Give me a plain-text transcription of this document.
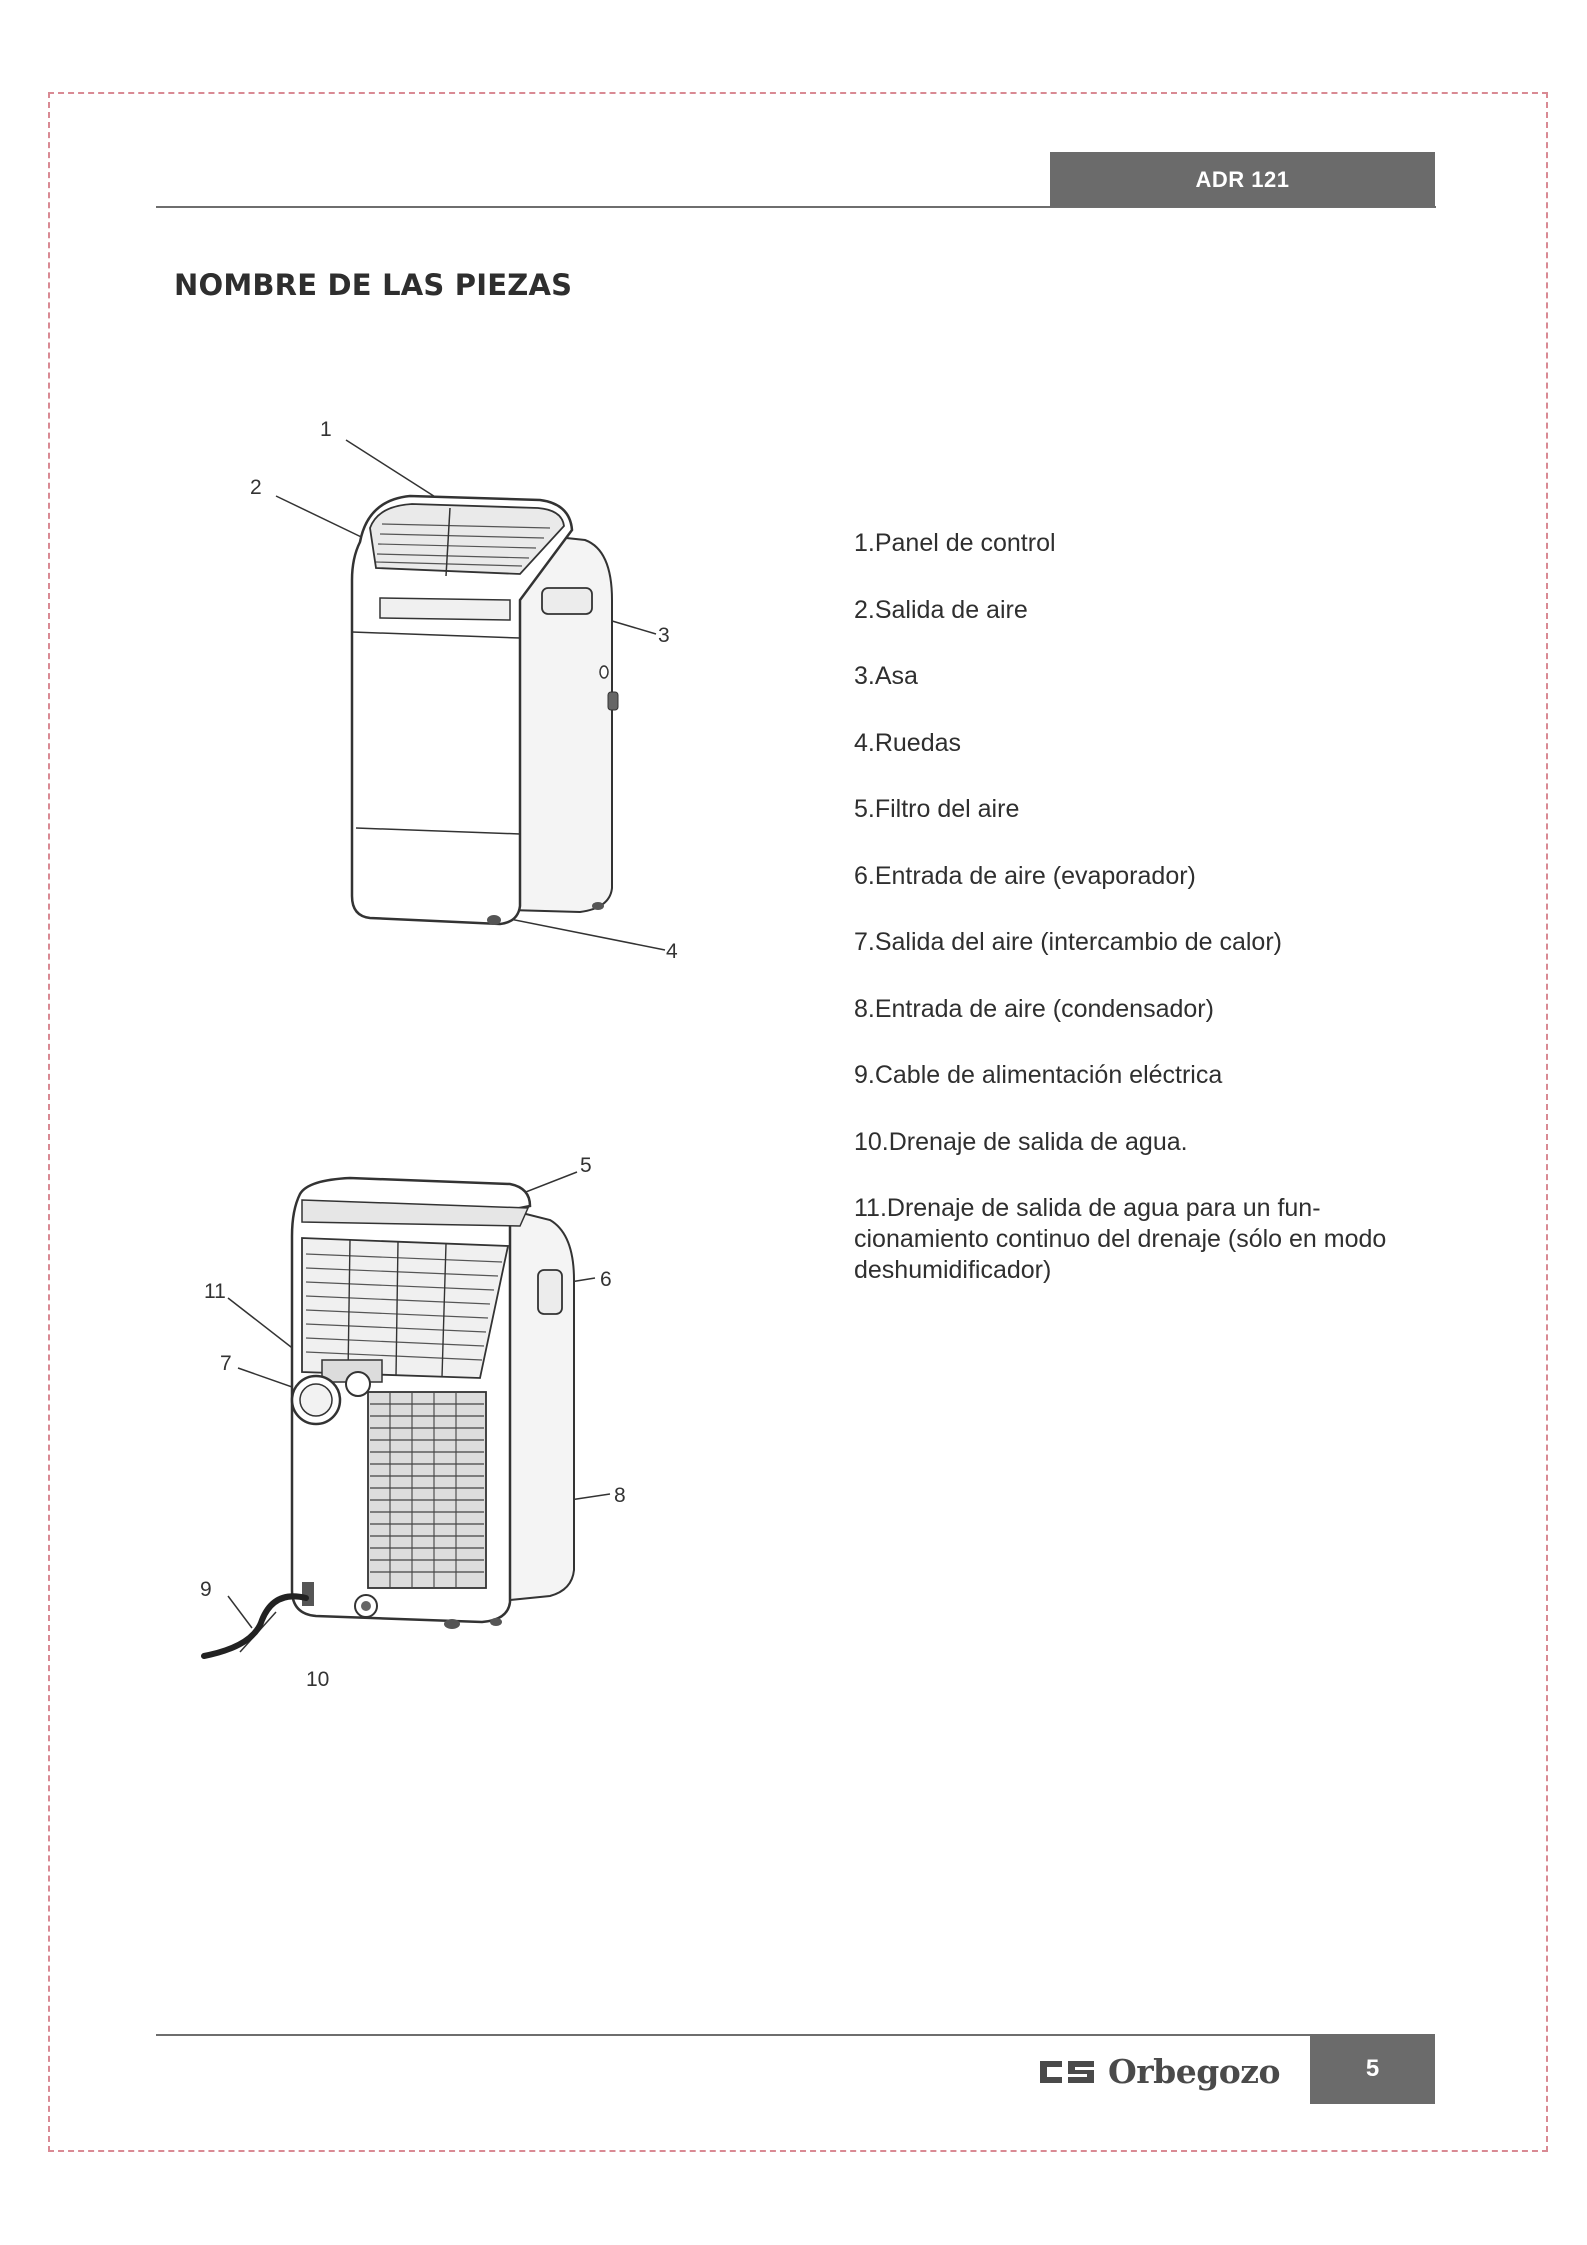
ADR 121
NOMBRE DE LAS PIEZAS
1
2
3
4
5
6
7
8
9
10
11
1.Panel de control
2.Salida de aire
3.Asa
4.Ruedas
5.Filtro del aire
6.Entrada de aire (evaporador)
7.Salida del aire (intercambio de calor)
8.Entrada de aire (condensador)
9.Cable de alimentación eléctrica
10.Drenaje de salida de agua.
11.Drenaje de salida de agua para un fun-cionamiento continuo del drenaje (sólo en modo deshumidificador)
Orbegozo	5
